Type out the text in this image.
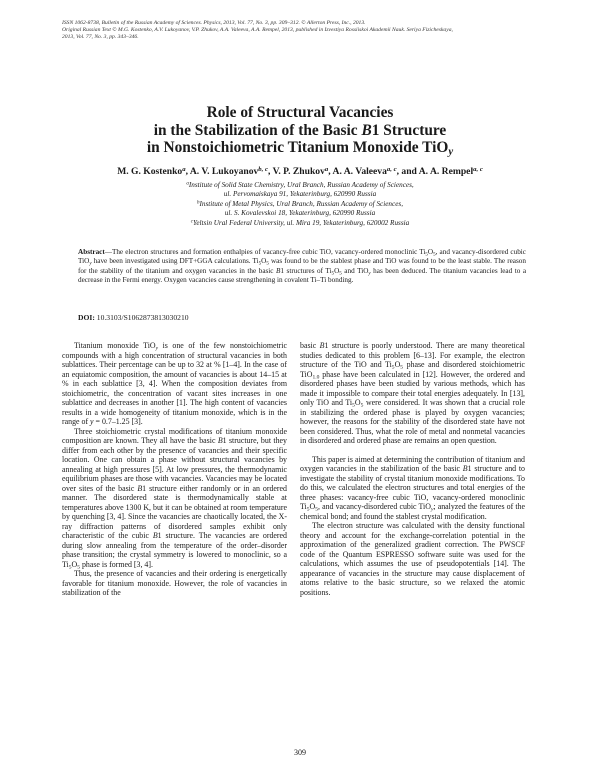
ISSN 1062-8738, Bulletin of the Russian Academy of Sciences. Physics, 2013, Vol. 77, No. 3, pp. 309–312. © Allerton Press, Inc., 2013.
Original Russian Text © M.G. Kostenko, A.V. Lukoyanov, V.P. Zhukov, A.A. Valeeva, A.A. Rempel, 2013, published in Izvestiya Rossiiskoi Akademii Nauk. Seriya Fizicheskaya,
2013, Vol. 77, No. 3, pp. 343–346.
Role of Structural Vacancies
in the Stabilization of the Basic B1 Structure
in Nonstoichiometric Titanium Monoxide TiO$_y$
M. G. Kostenko$^a$, A. V. Lukoyanov$^{b, c}$, V. P. Zhukov$^a$, A. A. Valeeva$^{a, c}$, and A. A. Rempel$^{a, c}$
$^a$Institute of Solid State Chemistry, Ural Branch, Russian Academy of Sciences,
ul. Pervomaiskaya 91, Yekaterinburg, 620990 Russia
$^b$Institute of Metal Physics, Ural Branch, Russian Academy of Sciences,
ul. S. Kovalevskoi 18, Yekaterinburg, 620990 Russia
$^c$Yeltsin Ural Federal University, ul. Mira 19, Yekaterinburg, 620002 Russia
Abstract—The electron structures and formation enthalpies of vacancy-free cubic TiO, vacancy-ordered monoclinic $Ti_5O_5$, and vacancy-disordered cubic TiO$_y$ have been investigated using DFT+GGA calculations. $Ti_5O_5$ was found to be the stablest phase and TiO was found to be the least stable. The reason for the stability of the titanium and oxygen vacancies in the basic B1 structures of $Ti_5O_5$ and TiO$_y$ has been deduced. The titanium vacancies lead to a decrease in the Fermi energy. Oxygen vacancies cause strengthening in covalent Ti–Ti bonding.
DOI: 10.3103/S1062873813030210

Titanium monoxide TiO$_y$ is one of the few nonstoichiometric compounds with a high concentration of structural vacancies in both sublattices. Their percentage can be up to 32 at % [1–4]. In the case of an equiatomic composition, the amount of vacancies is about 14–15 at % in each sublattice [3, 4]. When the composition deviates from stoichiometric, the concentration of vacant sites increases in one sublattice and decreases in another [1]. The high content of vacancies results in a wide homogeneity of titanium monoxide, which is in the range of y = 0.7–1.25 [3].

Three stoichiometric crystal modifications of titanium monoxide composition are known. They all have the basic B1 structure, but they differ from each other by the presence of vacancies and their specific location. One can obtain a phase without structural vacancies by annealing at high pressures [5]. At low pressures, the thermodynamic equilibrium phases are those with vacancies. Vacancies may be located over sites of the basic B1 structure either randomly or in an ordered manner. The disordered state is thermodynamically stable at temperatures above 1300 K, but it can be obtained at room temperature by quenching [3, 4]. Since the vacancies are chaotically located, the X-ray diffraction patterns of disordered samples exhibit only characteristic of the cubic B1 structure. The vacancies are ordered during slow annealing from the temperature of the order–disorder phase transition; the crystal symmetry is lowered to monoclinic, so a $Ti_5O_5$ phase is formed [3, 4].

Thus, the presence of vacancies and their ordering is energetically favorable for titanium monoxide. However, the role of vacancies in stabilization of the

basic B1 structure is poorly understood. There are many theoretical studies dedicated to this problem [6–13]. For example, the electron structure of the TiO and $Ti_5O_5$ phase and disordered stoichiometric TiO$_{1.0}$ phase have been calculated in [12]. However, the ordered and disordered phases have been studied by various methods, which has made it impossible to compare their total energies adequately. In [13], only TiO and $Ti_5O_5$ were considered. It was shown that a crucial role in stabilizing the ordered phase is played by oxygen vacancies; however, the reasons for the stability of the disordered state have not been considered. Thus, what the role of metal and nonmetal vacancies in disordered and ordered phase are remains an open question.

This paper is aimed at determining the contribution of titanium and oxygen vacancies in the stabilization of the basic B1 structure and to investigate the stability of crystal titanium monoxide modifications. To do this, we calculated the electron structures and total energies of the three phases: vacancy-free cubic TiO, vacancy-ordered monoclinic $Ti_5O_5$, and vacancy-disordered cubic TiO$_y$; analyzed the features of the chemical bond; and found the stablest crystal modification.

The electron structure was calculated with the density functional theory and account for the exchange-correlation potential in the approximation of the generalized gradient correction. The PWSCF code of the Quantum ESPRESSO software suite was used for the calculations, which assumes the use of pseudopotentials [14]. The appearance of vacancies in the structure may cause displacement of atoms relative to the basic structure, so we relaxed the atomic positions.

309
